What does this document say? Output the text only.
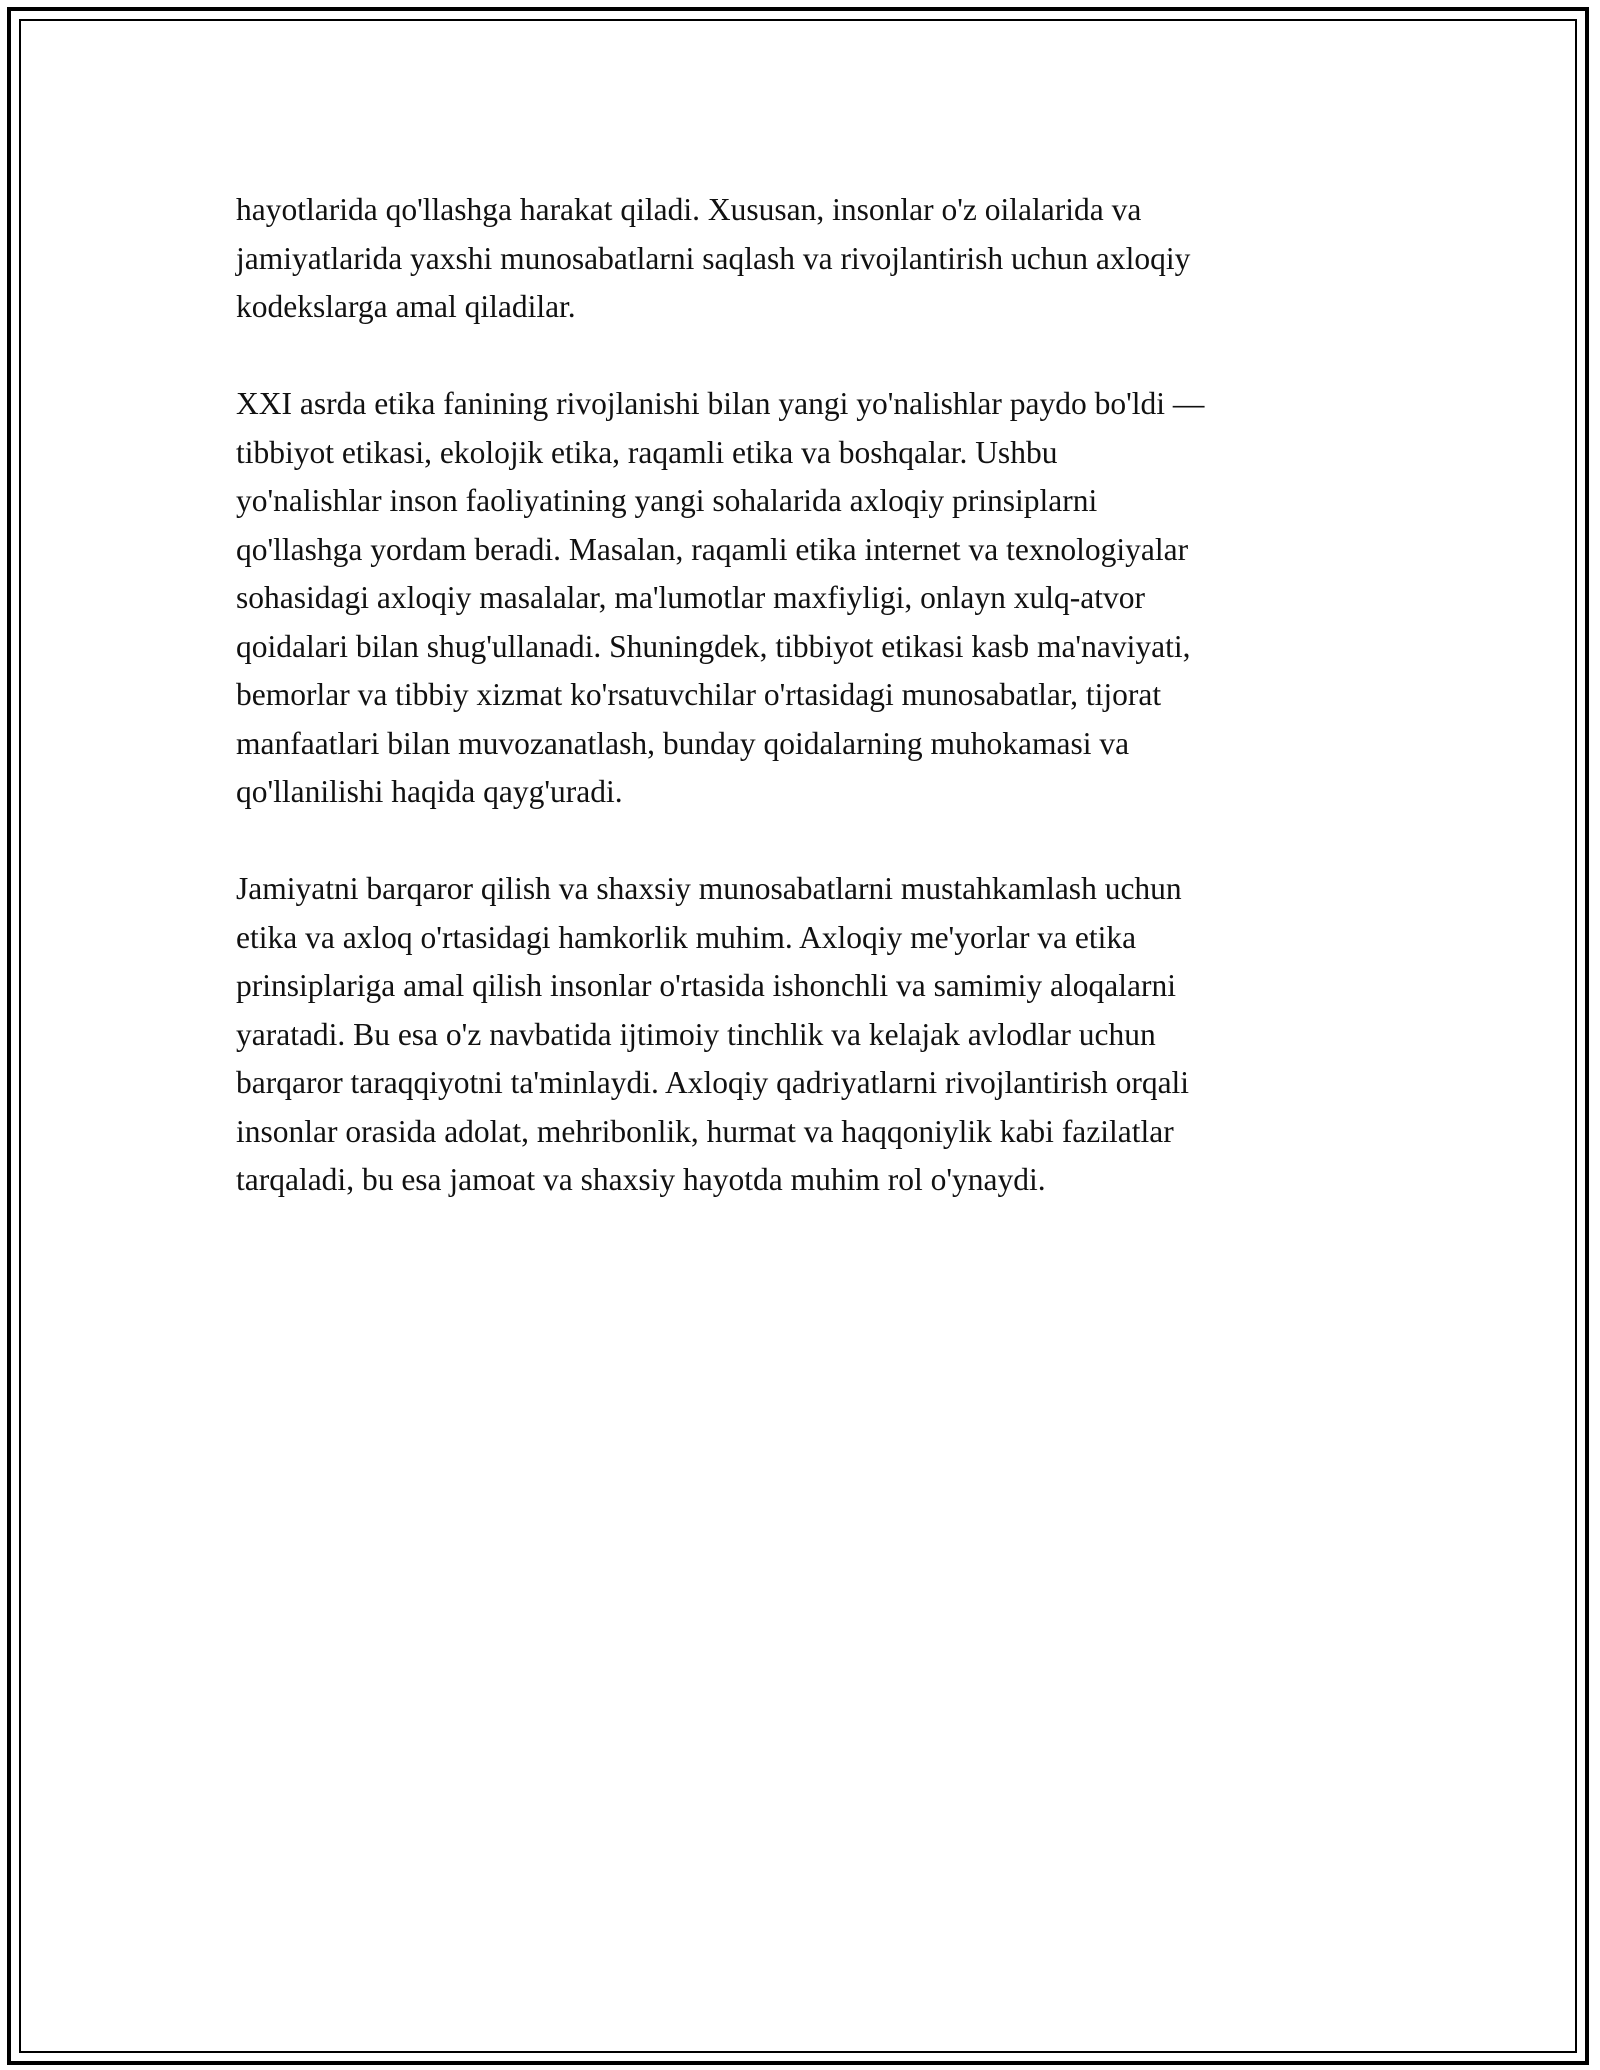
hayotlarida qo'llashga harakat qiladi. Xususan, insonlar o'z oilalarida va
jamiyatlarida yaxshi munosabatlarni saqlash va rivojlantirish uchun axloqiy
kodekslarga amal qiladilar.

XXI asrda etika fanining rivojlanishi bilan yangi yo'nalishlar paydo bo'ldi —
tibbiyot etikasi, ekolojik etika, raqamli etika va boshqalar. Ushbu
yo'nalishlar inson faoliyatining yangi sohalarida axloqiy prinsiplarni
qo'llashga yordam beradi. Masalan, raqamli etika internet va texnologiyalar
sohasidagi axloqiy masalalar, ma'lumotlar maxfiyligi, onlayn xulq-atvor
qoidalari bilan shug'ullanadi. Shuningdek, tibbiyot etikasi kasb ma'naviyati,
bemorlar va tibbiy xizmat ko'rsatuvchilar o'rtasidagi munosabatlar, tijorat
manfaatlari bilan muvozanatlash, bunday qoidalarning muhokamasi va
qo'llanilishi haqida qayg'uradi.

Jamiyatni barqaror qilish va shaxsiy munosabatlarni mustahkamlash uchun
etika va axloq o'rtasidagi hamkorlik muhim. Axloqiy me'yorlar va etika
prinsiplariga amal qilish insonlar o'rtasida ishonchli va samimiy aloqalarni
yaratadi. Bu esa o'z navbatida ijtimoiy tinchlik va kelajak avlodlar uchun
barqaror taraqqiyotni ta'minlaydi. Axloqiy qadriyatlarni rivojlantirish orqali
insonlar orasida adolat, mehribonlik, hurmat va haqqoniylik kabi fazilatlar
tarqaladi, bu esa jamoat va shaxsiy hayotda muhim rol o'ynaydi.
